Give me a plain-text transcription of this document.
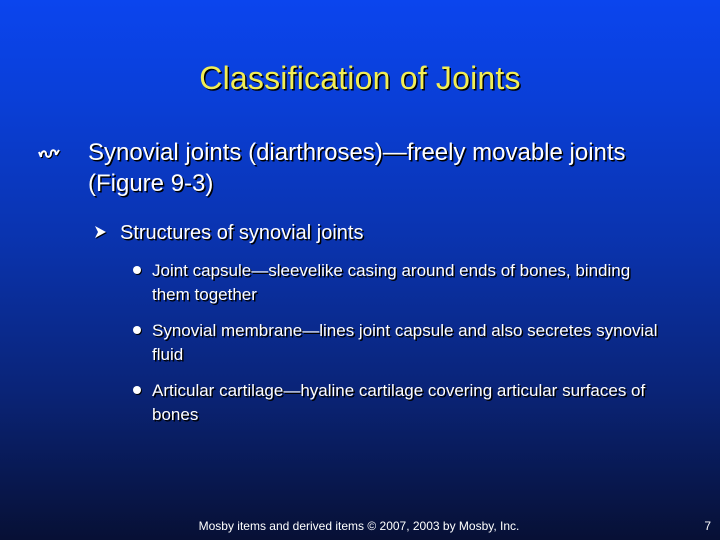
Classification of Joints
Synovial joints (diarthroses)—freely movable joints (Figure 9-3)
Structures of synovial joints
Joint capsule—sleevelike casing around ends of bones, binding them together
Synovial membrane—lines joint capsule and also secretes synovial fluid
Articular cartilage—hyaline cartilage covering articular surfaces of bones
Mosby items and derived items © 2007, 2003 by Mosby, Inc.	7
